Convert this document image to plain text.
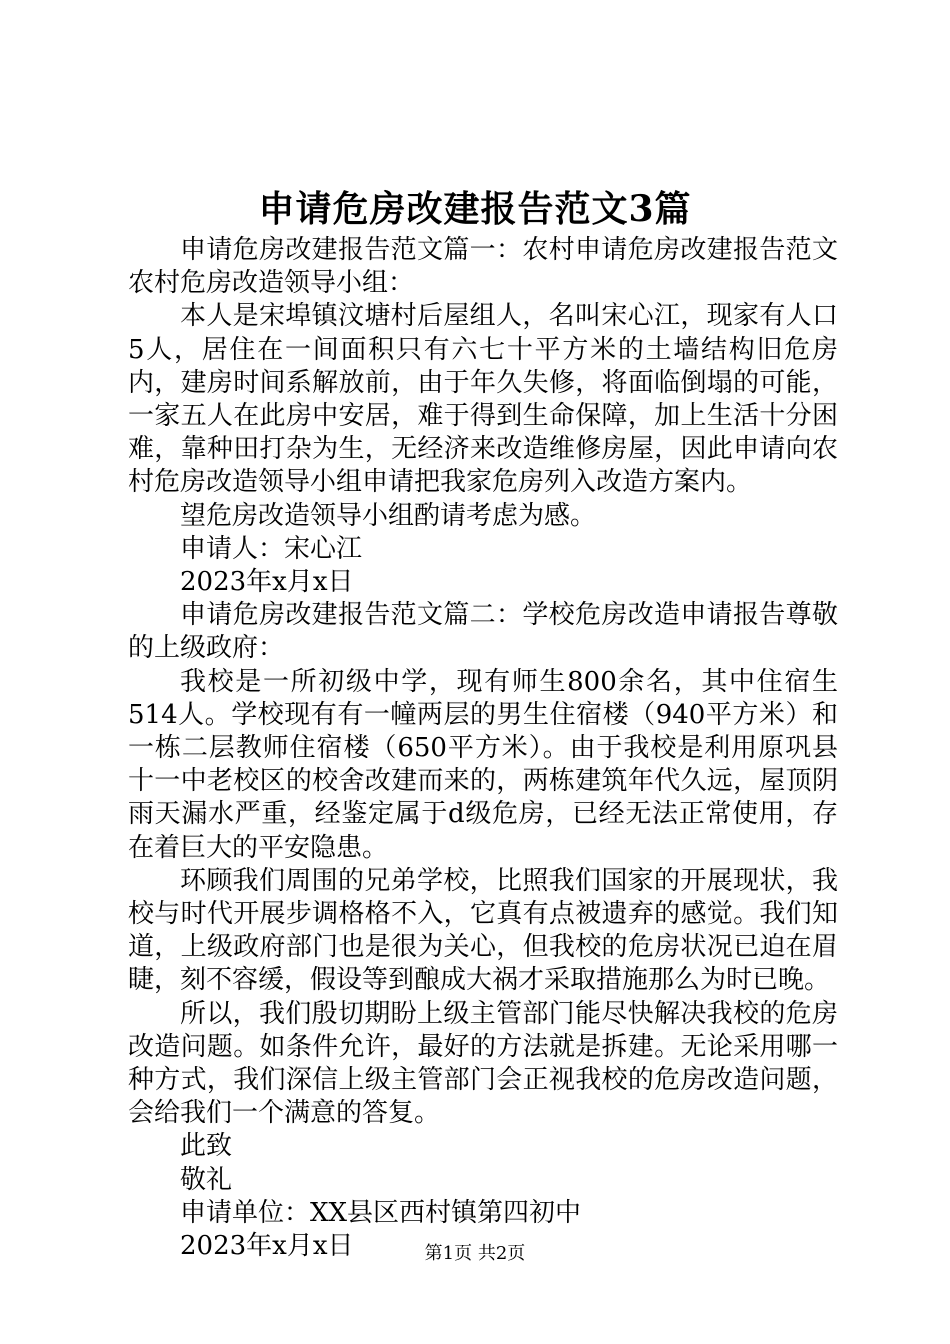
申请危房改建报告范文3篇

申请危房改建报告范文篇一：农村申请危房改建报告范文农村危房改造领导小组：

本人是宋埠镇汶塘村后屋组人，名叫宋心江，现家有人口5人，居住在一间面积只有六七十平方米的土墙结构旧危房内，建房时间系解放前，由于年久失修，将面临倒塌的可能，一家五人在此房中安居，难于得到生命保障，加上生活十分困难，靠种田打杂为生，无经济来改造维修房屋，因此申请向农村危房改造领导小组申请把我家危房列入改造方案内。

望危房改造领导小组酌请考虑为感。

申请人：宋心江

2023年x月x日

申请危房改建报告范文篇二：学校危房改造申请报告尊敬的上级政府：

我校是一所初级中学，现有师生800余名，其中住宿生514人。学校现有有一幢两层的男生住宿楼（940平方米）和一栋二层教师住宿楼（650平方米）。由于我校是利用原巩县十一中老校区的校舍改建而来的，两栋建筑年代久远，屋顶阴雨天漏水严重，经鉴定属于d级危房，已经无法正常使用，存在着巨大的平安隐患。

环顾我们周围的兄弟学校，比照我们国家的开展现状，我校与时代开展步调格格不入，它真有点被遗弃的感觉。我们知道，上级政府部门也是很为关心，但我校的危房状况已迫在眉睫，刻不容缓，假设等到酿成大祸才采取措施那么为时已晚。

所以，我们殷切期盼上级主管部门能尽快解决我校的危房改造问题。如条件允许，最好的方法就是拆建。无论采用哪一种方式，我们深信上级主管部门会正视我校的危房改造问题，会给我们一个满意的答复。

此致

敬礼

申请单位：XX县区西村镇第四初中

2023年x月x日	第1页 共2页
